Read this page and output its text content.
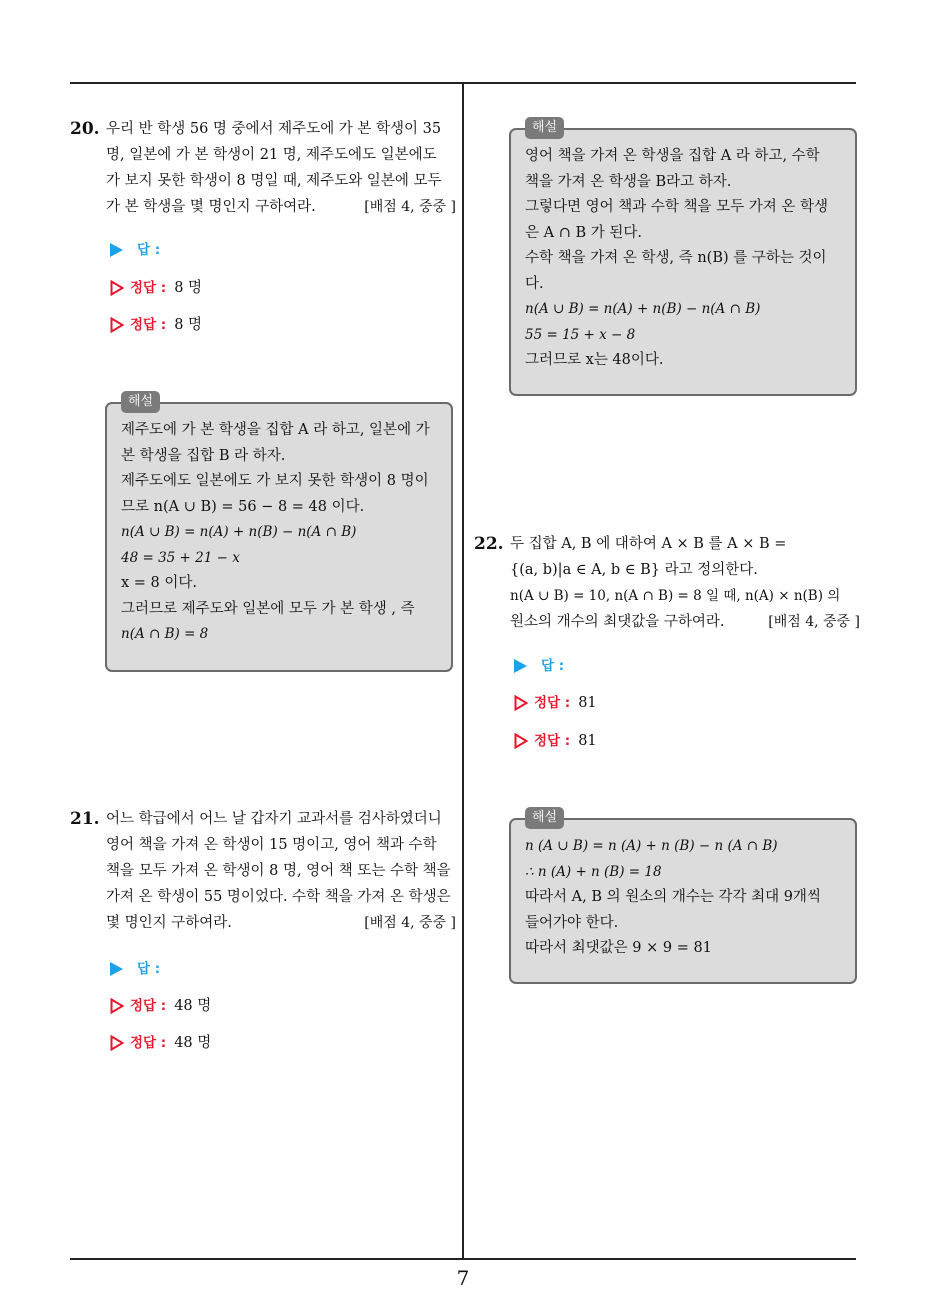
20. 우리 반 학생 56 명 중에서 제주도에 가 본 학생이 35
명, 일본에 가 본 학생이 21 명, 제주도에도 일본에도
가 보지 못한 학생이 8 명일 때, 제주도와 일본에 모두
가 본 학생을 몇 명인지 구하여라.	[배점 4, 중중 ]
답 :
정답 : 8 명
정답 : 8 명
해설
제주도에 가 본 학생을 집합 A 라 하고, 일본에 가
본 학생을 집합 B 라 하자.
제주도에도 일본에도 가 보지 못한 학생이 8 명이
므로 n(A ∪ B) = 56 − 8 = 48 이다.
n(A ∪ B) = n(A) + n(B) − n(A ∩ B)
48 = 35 + 21 − x
x = 8 이다.
그러므로 제주도와 일본에 모두 가 본 학생 , 즉
n(A ∩ B) = 8
21. 어느 학급에서 어느 날 갑자기 교과서를 검사하였더니
영어 책을 가져 온 학생이 15 명이고, 영어 책과 수학
책을 모두 가져 온 학생이 8 명, 영어 책 또는 수학 책을
가져 온 학생이 55 명이었다. 수학 책을 가져 온 학생은
몇 명인지 구하여라.	[배점 4, 중중 ]
답 :
정답 : 48 명
정답 : 48 명
해설
영어 책을 가져 온 학생을 집합 A 라 하고, 수학
책을 가져 온 학생을 B라고 하자.
그렇다면 영어 책과 수학 책을 모두 가져 온 학생
은 A ∩ B 가 된다.
수학 책을 가져 온 학생, 즉 n(B) 를 구하는 것이
다.
n(A ∪ B) = n(A) + n(B) − n(A ∩ B)
55 = 15 + x − 8
그러므로 x는 48이다.
22. 두 집합 A, B 에 대하여 A × B 를 A × B =
{(a, b)|a ∈ A, b ∈ B} 라고 정의한다.
n(A ∪ B) = 10, n(A ∩ B) = 8 일 때, n(A) × n(B) 의
원소의 개수의 최댓값을 구하여라.	[배점 4, 중중 ]
답 :
정답 : 81
정답 : 81
해설
n (A ∪ B) = n (A) + n (B) − n (A ∩ B)
∴ n (A) + n (B) = 18
따라서 A, B 의 원소의 개수는 각각 최대 9개씩
들어가야 한다.
따라서 최댓값은 9 × 9 = 81
7
